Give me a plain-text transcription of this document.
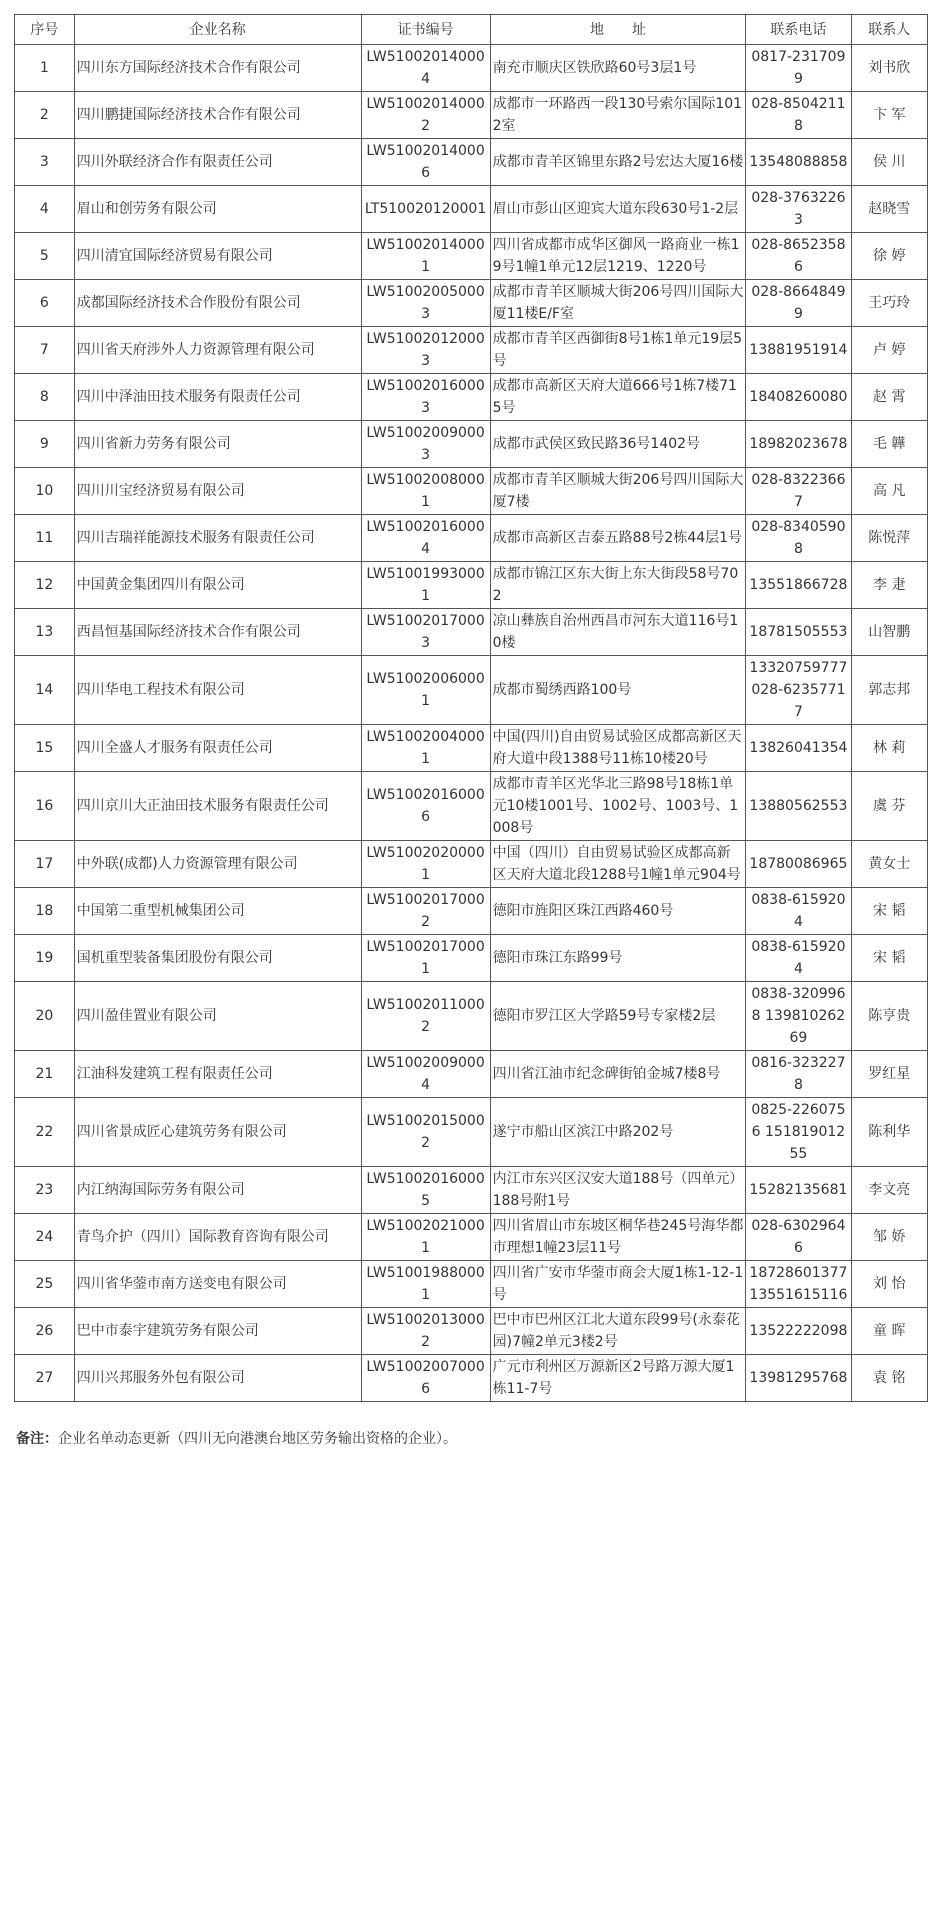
序号	企业名称	证书编号	地　　址	联系电话	联系人
1	四川东方国际经济技术合作有限公司	LW510020140004	南充市顺庆区铁欣路60号3层1号	0817-2317099	刘书欣
2	四川鹏捷国际经济技术合作有限公司	LW510020140002	成都市一环路西一段130号索尔国际1012室	028-85042118	卞 军
3	四川外联经济合作有限责任公司	LW510020140006	成都市青羊区锦里东路2号宏达大厦16楼	13548088858	侯 川
4	眉山和创劳务有限公司	LT510020120001	眉山市彭山区迎宾大道东段630号1-2层	028-37632263	赵晓雪
5	四川清宜国际经济贸易有限公司	LW510020140001	四川省成都市成华区御风一路商业一栋19号1幢1单元12层1219、1220号	028-86523586	徐 婷
6	成都国际经济技术合作股份有限公司	LW510020050003	成都市青羊区顺城大街206号四川国际大厦11楼E/F室	028-86648499	王巧玲
7	四川省天府涉外人力资源管理有限公司	LW510020120003	成都市青羊区西御街8号1栋1单元19层5号	13881951914	卢 婷
8	四川中泽油田技术服务有限责任公司	LW510020160003	成都市高新区天府大道666号1栋7楼715号	18408260080	赵 霄
9	四川省新力劳务有限公司	LW510020090003	成都市武侯区致民路36号1402号	18982023678	毛 韡
10	四川川宝经济贸易有限公司	LW510020080001	成都市青羊区顺城大街206号四川国际大厦7楼	028-83223667	高 凡
11	四川吉瑞祥能源技术服务有限责任公司	LW510020160004	成都市高新区吉泰五路88号2栋44层1号	028-83405908	陈悦萍
12	中国黄金集团四川有限公司	LW510019930001	成都市锦江区东大街上东大街段58号702	13551866728	李 疌
13	西昌恒基国际经济技术合作有限公司	LW510020170003	凉山彝族自治州西昌市河东大道116号10楼	18781505553	山智鹏
14	四川华电工程技术有限公司	LW510020060001	成都市蜀绣西路100号	13320759777 028-62357717	郭志邦
15	四川全盛人才服务有限责任公司	LW510020040001	中国(四川)自由贸易试验区成都高新区天府大道中段1388号11栋10楼20号	13826041354	林 莉
16	四川京川大正油田技术服务有限责任公司	LW510020160006	成都市青羊区光华北三路98号18栋1单元10楼1001号、1002号、1003号、1008号	13880562553	虞 芬
17	中外联(成都)人力资源管理有限公司	LW510020200001	中国（四川）自由贸易试验区成都高新区天府大道北段1288号1幢1单元904号	18780086965	黄女士
18	中国第二重型机械集团公司	LW510020170002	德阳市旌阳区珠江西路460号	0838-6159204	宋 韬
19	国机重型装备集团股份有限公司	LW510020170001	德阳市珠江东路99号	0838-6159204	宋 韬
20	四川盈佳置业有限公司	LW510020110002	德阳市罗江区大学路59号专家楼2层	0838-3209968 13981026269	陈亨贵
21	江油科发建筑工程有限责任公司	LW510020090004	四川省江油市纪念碑街铂金城7楼8号	0816-3232278	罗红星
22	四川省景成匠心建筑劳务有限公司	LW510020150002	遂宁市船山区滨江中路202号	0825-2260756 15181901255	陈利华
23	内江纳海国际劳务有限公司	LW510020160005	内江市东兴区汉安大道188号（四单元）188号附1号	15282135681	李文亮
24	青鸟介护（四川）国际教育咨询有限公司	LW510020210001	四川省眉山市东坡区桐华巷245号海华都市理想1幢23层11号	028-63029646	邹 娇
25	四川省华蓥市南方送变电有限公司	LW510019880001	四川省广安市华蓥市商会大厦1栋1-12-1号	18728601377 13551615116	刘 怡
26	巴中市泰宇建筑劳务有限公司	LW510020130002	巴中市巴州区江北大道东段99号(永泰花园)7幢2单元3楼2号	13522222098	童 晖
27	四川兴邦服务外包有限公司	LW510020070006	广元市利州区万源新区2号路万源大厦1栋11-7号	13981295768	袁 铭
备注：企业名单动态更新（四川无向港澳台地区劳务输出资格的企业）。
